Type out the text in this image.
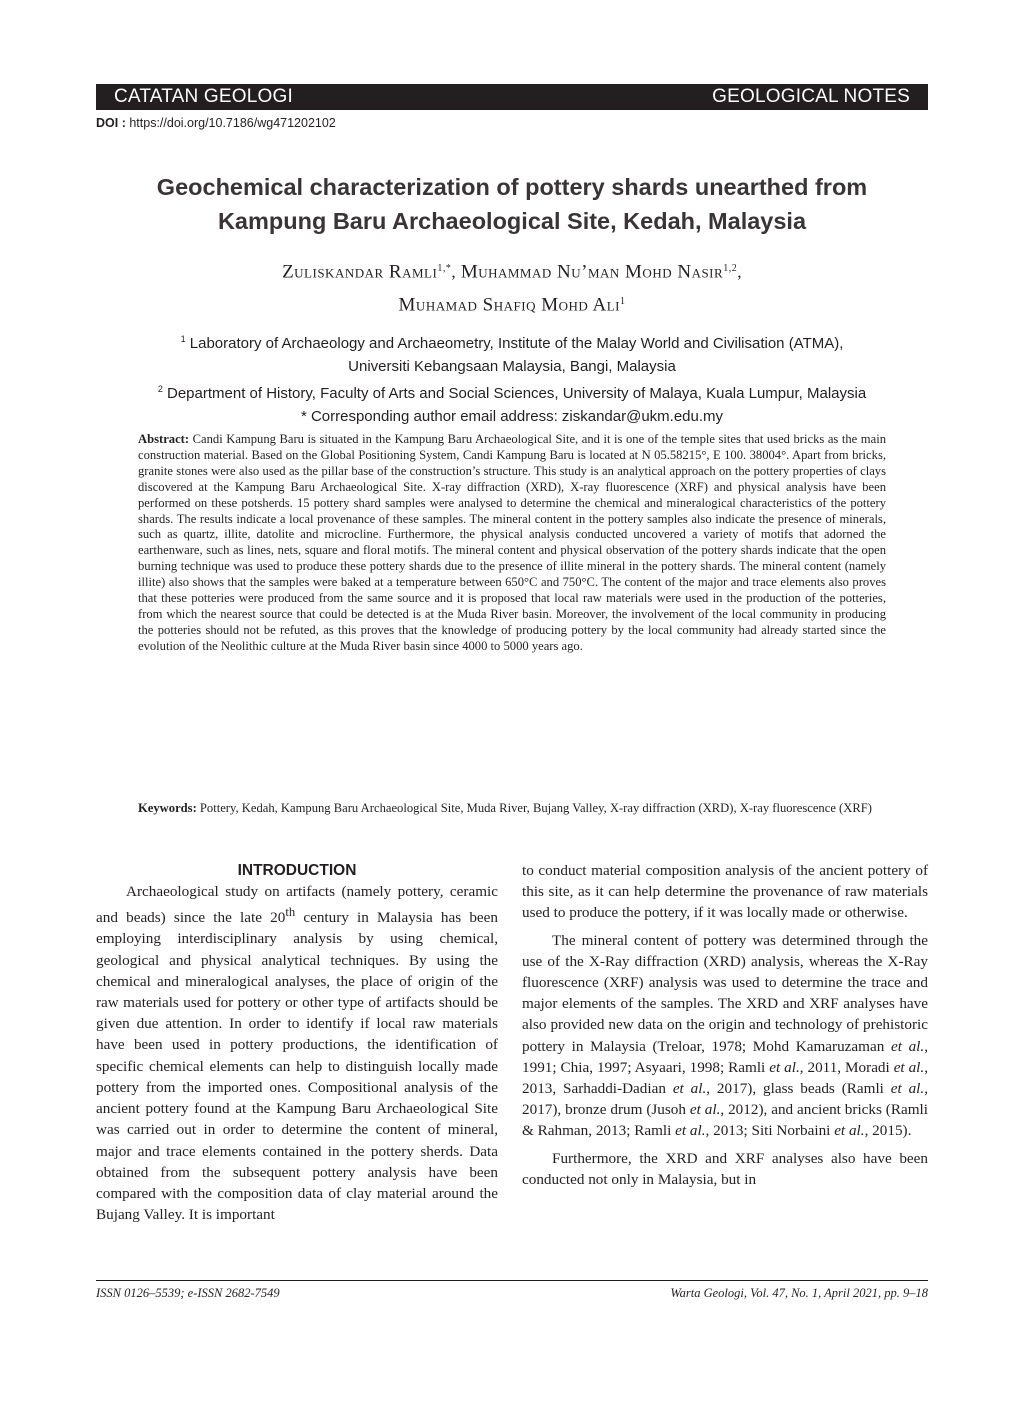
CATATAN GEOLOGI	GEOLOGICAL NOTES
DOI : https://doi.org/10.7186/wg471202102
Geochemical characterization of pottery shards unearthed from
Kampung Baru Archaeological Site, Kedah, Malaysia
Zuliskandar Ramli$^{1,*}$, Muhammad Nu’man Mohd Nasir$^{1,2}$,
Muhamad Shafiq Mohd Ali$^1$
$^1$ Laboratory of Archaeology and Archaeometry, Institute of the Malay World and Civilisation (ATMA),
Universiti Kebangsaan Malaysia, Bangi, Malaysia
$^2$ Department of History, Faculty of Arts and Social Sciences, University of Malaya, Kuala Lumpur, Malaysia
* Corresponding author email address: ziskandar@ukm.edu.my
Abstract: Candi Kampung Baru is situated in the Kampung Baru Archaeological Site, and it is one of the temple sites that used bricks as the main construction material. Based on the Global Positioning System, Candi Kampung Baru is located at N 05.58215°, E 100. 38004°. Apart from bricks, granite stones were also used as the pillar base of the construction’s structure. This study is an analytical approach on the pottery properties of clays discovered at the Kampung Baru Archaeological Site. X-ray diffraction (XRD), X-ray fluorescence (XRF) and physical analysis have been performed on these potsherds. 15 pottery shard samples were analysed to determine the chemical and mineralogical characteristics of the pottery shards. The results indicate a local provenance of these samples. The mineral content in the pottery samples also indicate the presence of minerals, such as quartz, illite, datolite and microcline. Furthermore, the physical analysis conducted uncovered a variety of motifs that adorned the earthenware, such as lines, nets, square and floral motifs. The mineral content and physical observation of the pottery shards indicate that the open burning technique was used to produce these pottery shards due to the presence of illite mineral in the pottery shards. The mineral content (namely illite) also shows that the samples were baked at a temperature between 650°C and 750°C. The content of the major and trace elements also proves that these potteries were produced from the same source and it is proposed that local raw materials were used in the production of the potteries, from which the nearest source that could be detected is at the Muda River basin. Moreover, the involvement of the local community in producing the potteries should not be refuted, as this proves that the knowledge of producing pottery by the local community had already started since the evolution of the Neolithic culture at the Muda River basin since 4000 to 5000 years ago.
Keywords: Pottery, Kedah, Kampung Baru Archaeological Site, Muda River, Bujang Valley, X-ray diffraction (XRD), X-ray fluorescence (XRF)
INTRODUCTION

Archaeological study on artifacts (namely pottery, ceramic and beads) since the late 20th century in Malaysia has been employing interdisciplinary analysis by using chemical, geological and physical analytical techniques. By using the chemical and mineralogical analyses, the place of origin of the raw materials used for pottery or other type of artifacts should be given due attention. In order to identify if local raw materials have been used in pottery productions, the identification of specific chemical elements can help to distinguish locally made pottery from the imported ones. Compositional analysis of the ancient pottery found at the Kampung Baru Archaeological Site was carried out in order to determine the content of mineral, major and trace elements contained in the pottery sherds. Data obtained from the subsequent pottery analysis have been compared with the composition data of clay material around the Bujang Valley. It is important

to conduct material composition analysis of the ancient pottery of this site, as it can help determine the provenance of raw materials used to produce the pottery, if it was locally made or otherwise.

The mineral content of pottery was determined through the use of the X-Ray diffraction (XRD) analysis, whereas the X-Ray fluorescence (XRF) analysis was used to determine the trace and major elements of the samples. The XRD and XRF analyses have also provided new data on the origin and technology of prehistoric pottery in Malaysia (Treloar, 1978; Mohd Kamaruzaman et al., 1991; Chia, 1997; Asyaari, 1998; Ramli et al., 2011, Moradi et al., 2013, Sarhaddi-Dadian et al., 2017), glass beads (Ramli et al., 2017), bronze drum (Jusoh et al., 2012), and ancient bricks (Ramli & Rahman, 2013; Ramli et al., 2013; Siti Norbaini et al., 2015).

Furthermore, the XRD and XRF analyses also have been conducted not only in Malaysia, but in

ISSN 0126–5539; e-ISSN 2682-7549	Warta Geologi, Vol. 47, No. 1, April 2021, pp. 9–18
